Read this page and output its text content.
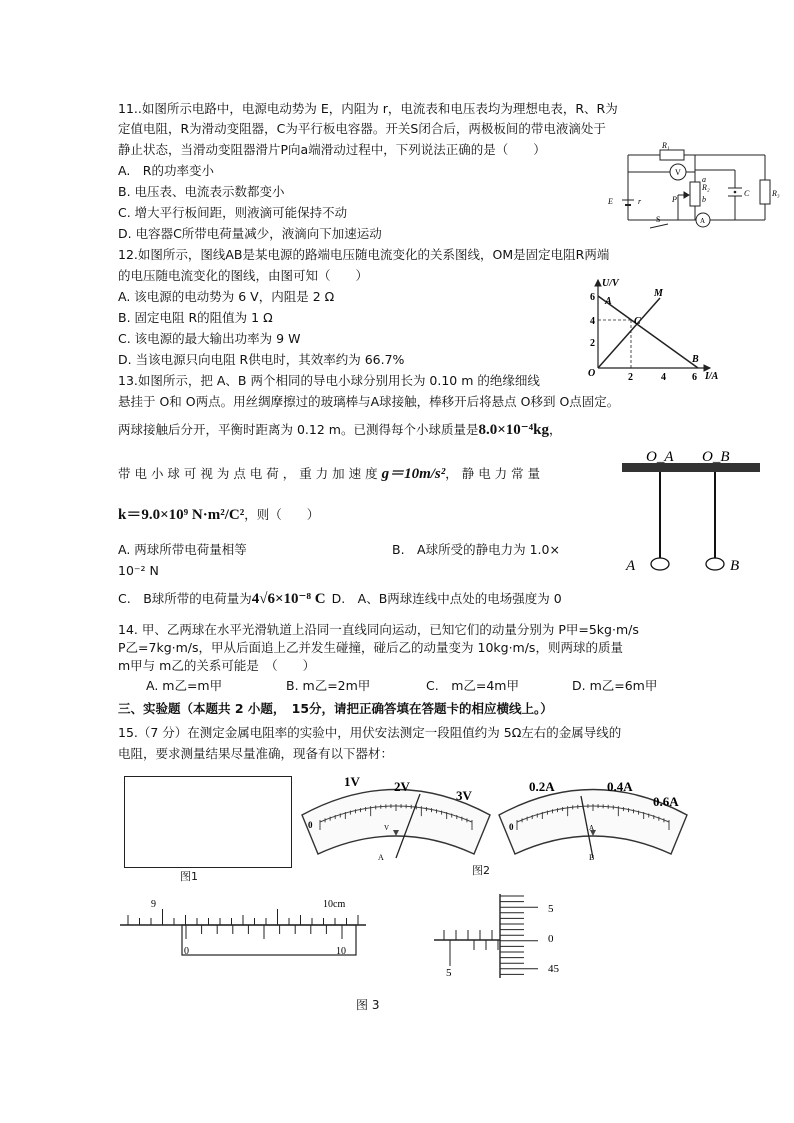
11..如图所示电路中，电源电动势为 E，内阻为 r，电流表和电压表均为理想电表，R、R为
定值电阻，R为滑动变阻器，C为平行板电容器。开关S闭合后，两极板间的带电液滴处于
静止状态，当滑动变阻器滑片P向a端滑动过程中，下列说法正确的是（　　）
A.　R的功率变小
B. 电压表、电流表示数都变小
C. 增大平行板间距，则液滴可能保持不动
D. 电容器C所带电荷量减少，液滴向下加速运动
R₁
V
A
R₂
a
b
P
C	R₃
E	r
S
12.如图所示，图线AB是某电源的路端电压随电流变化的关系图线，OM是固定电阻R两端
的电压随电流变化的图线，由图可知（　　）
A. 该电源的电动势为 6 V，内阻是 2 Ω
B. 固定电阻 R的阻值为 1 Ω
C. 该电源的最大输出功率为 9 W
D. 当该电源只向电阻 R供电时，其效率约为 66.7%
U/V
I/A
6
4
2
O	2	4	6
A
B
C
M
13.如图所示，把 A、B 两个相同的导电小球分别用长为 0.10 m 的绝缘细线
悬挂于 O和 O两点。用丝绸摩擦过的玻璃棒与A球接触，棒移开后将悬点 O移到 O点固定。
两球接触后分开，平衡时距离为 0.12 m。已测得每个小球质量是8.0×10⁻⁴kg，
带 电 小 球 可 视 为 点 电 荷 ， 重 力 加 速 度 g＝10m/s²， 静 电 力 常 量
k＝9.0×10⁹ N·m²/C²，则（　　）
A. 两球所带电荷量相等	B.　A球所受的静电力为 1.0×
10⁻² N
C.　B球所带的电荷量为4√6×10⁻⁸ C D.　A、B两球连线中点处的电场强度为 0
O_A O_B
A	B
14. 甲、乙两球在水平光滑轨道上沿同一直线同向运动，已知它们的动量分别为 P甲=5kg·m/s
P乙=7kg·m/s，甲从后面追上乙并发生碰撞，碰后乙的动量变为 10kg·m/s，则两球的质量
m甲与 m乙的关系可能是　（　　）
A. m乙=m甲	B. m乙=2m甲	C.　m乙=4m甲	D. m乙=6m甲
三、实验题（本题共 2 小题，　15分，请把正确答填在答题卡的相应横线上。）
15.（7 分）在测定金属电阻率的实验中，用伏安法测定一段阻值约为 5Ω左右的金属导线的
电阻，要求测量结果尽量准确，现备有以下器材：
图1
1V	2V
3V
0	V
A
0.2A	0.4A
0.6A
0	A
B
图2
9	10cm
0	10
5
5
0
45
图 3
